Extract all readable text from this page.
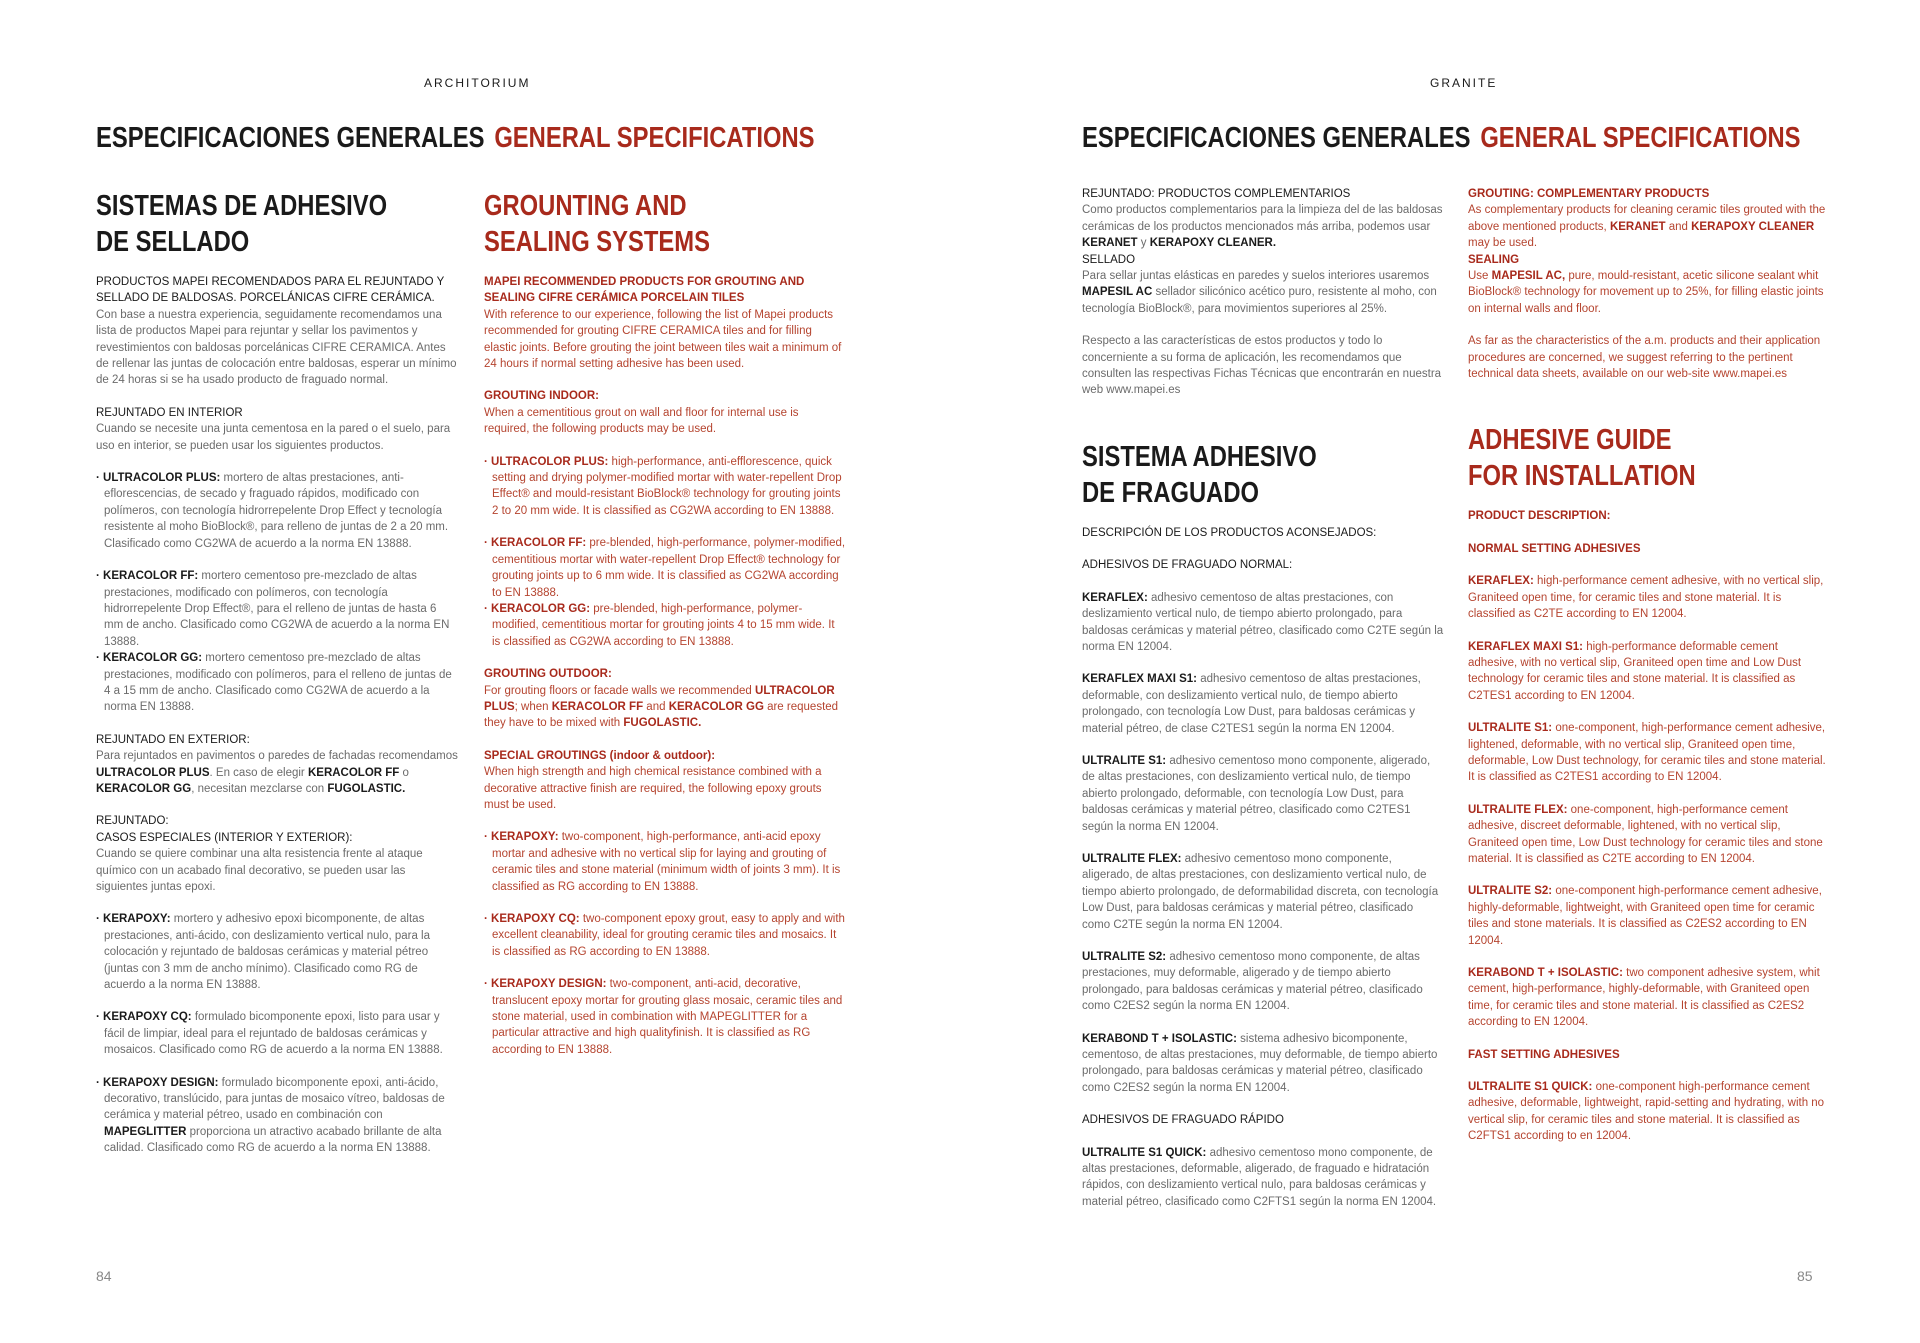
ARCHITORIUM
ESPECIFICACIONES GENERALES GENERAL SPECIFICATIONS
SISTEMAS DE ADHESIVO
DE SELLADO

PRODUCTOS MAPEI RECOMENDADOS PARA EL REJUNTADO Y SELLADO DE BALDOSAS. PORCELÁNICAS CIFRE CERÁMICA.

Con base a nuestra experiencia, seguidamente recomendamos una lista de productos Mapei para rejuntar y sellar los pavimentos y revestimientos con baldosas porcelánicas CIFRE CERAMICA. Antes de rellenar las juntas de colocación entre baldosas, esperar un mínimo de 24 horas si se ha usado producto de fraguado normal.

REJUNTADO EN INTERIOR

Cuando se necesite una junta cementosa en la pared o el suelo, para uso en interior, se pueden usar los siguientes productos.

· ULTRACOLOR PLUS: mortero de altas prestaciones, anti-eflorescencias, de secado y fraguado rápidos, modificado con polímeros, con tecnología hidrorrepelente Drop Effect y tecnología resistente al moho BioBlock®, para relleno de juntas de 2 a 20 mm. Clasificado como CG2WA de acuerdo a la norma EN 13888.

· KERACOLOR FF: mortero cementoso pre-mezclado de altas prestaciones, modificado con polímeros, con tecnología hidrorrepelente Drop Effect®, para el relleno de juntas de hasta 6 mm de ancho. Clasificado como CG2WA de acuerdo a la norma EN 13888.

· KERACOLOR GG: mortero cementoso pre-mezclado de altas prestaciones, modificado con polímeros, para el relleno de juntas de 4 a 15 mm de ancho. Clasificado como CG2WA de acuerdo a la norma EN 13888.

REJUNTADO EN EXTERIOR:

Para rejuntados en pavimentos o paredes de fachadas recomendamos ULTRACOLOR PLUS. En caso de elegir KERACOLOR FF o KERACOLOR GG, necesitan mezclarse con FUGOLASTIC.

REJUNTADO:

CASOS ESPECIALES (INTERIOR Y EXTERIOR):

Cuando se quiere combinar una alta resistencia frente al ataque químico con un acabado final decorativo, se pueden usar las siguientes juntas epoxi.

· KERAPOXY: mortero y adhesivo epoxi bicomponente, de altas prestaciones, anti-ácido, con deslizamiento vertical nulo, para la colocación y rejuntado de baldosas cerámicas y material pétreo (juntas con 3 mm de ancho mínimo). Clasificado como RG de acuerdo a la norma EN 13888.

· KERAPOXY CQ: formulado bicomponente epoxi, listo para usar y fácil de limpiar, ideal para el rejuntado de baldosas cerámicas y mosaicos. Clasificado como RG de acuerdo a la norma EN 13888.

· KERAPOXY DESIGN: formulado bicomponente epoxi, anti-ácido, decorativo, translúcido, para juntas de mosaico vítreo, baldosas de cerámica y material pétreo, usado en combinación con MAPEGLITTER proporciona un atractivo acabado brillante de alta calidad. Clasificado como RG de acuerdo a la norma EN 13888.

GROUNTING AND
SEALING SYSTEMS

MAPEI RECOMMENDED PRODUCTS FOR GROUTING AND SEALING CIFRE CERÁMICA PORCELAIN TILES

With reference to our experience, following the list of Mapei products recommended for grouting CIFRE CERAMICA tiles and for filling elastic joints. Before grouting the joint between tiles wait a minimum of 24 hours if normal setting adhesive has been used.

GROUTING INDOOR:

When a cementitious grout on wall and floor for internal use is required, the following products may be used.

· ULTRACOLOR PLUS: high-performance, anti-efflorescence, quick setting and drying polymer-modified mortar with water-repellent Drop Effect® and mould-resistant BioBlock® technology for grouting joints 2 to 20 mm wide. It is classified as CG2WA according to EN 13888.

· KERACOLOR FF: pre-blended, high-performance, polymer-modified, cementitious mortar with water-repellent Drop Effect® technology for grouting joints up to 6 mm wide. It is classified as CG2WA according to EN 13888.

· KERACOLOR GG: pre-blended, high-performance, polymer-modified, cementitious mortar for grouting joints 4 to 15 mm wide. It is classified as CG2WA according to EN 13888.

GROUTING OUTDOOR:

For grouting floors or facade walls we recommended ULTRACOLOR PLUS; when KERACOLOR FF and KERACOLOR GG are requested they have to be mixed with FUGOLASTIC.

SPECIAL GROUTINGS (indoor & outdoor):

When high strength and high chemical resistance combined with a decorative attractive finish are required, the following epoxy grouts must be used.

· KERAPOXY: two-component, high-performance, anti-acid epoxy mortar and adhesive with no vertical slip for laying and grouting of ceramic tiles and stone material (minimum width of joints 3 mm). It is classified as RG according to EN 13888.

· KERAPOXY CQ: two-component epoxy grout, easy to apply and with excellent cleanability, ideal for grouting ceramic tiles and mosaics. It is classified as RG according to EN 13888.

· KERAPOXY DESIGN: two-component, anti-acid, decorative, translucent epoxy mortar for grouting glass mosaic, ceramic tiles and stone material, used in combination with MAPEGLITTER for a particular attractive and high qualityfinish. It is classified as RG according to EN 13888.

84
GRANITE
ESPECIFICACIONES GENERALES GENERAL SPECIFICATIONS

REJUNTADO: PRODUCTOS COMPLEMENTARIOS

Como productos complementarios para la limpieza del de las baldosas cerámicas de los productos mencionados más arriba, podemos usar KERANET y KERAPOXY CLEANER.

SELLADO

Para sellar juntas elásticas en paredes y suelos interiores usaremos MAPESIL AC sellador silicónico acético puro, resistente al moho, con tecnología BioBlock®, para movimientos superiores al 25%.

Respecto a las características de estos productos y todo lo concerniente a su forma de aplicación, les recomendamos que consulten las respectivas Fichas Técnicas que encontrarán en nuestra web www.mapei.es

SISTEMA ADHESIVO
DE FRAGUADO

DESCRIPCIÓN DE LOS PRODUCTOS ACONSEJADOS:

ADHESIVOS DE FRAGUADO NORMAL:

KERAFLEX: adhesivo cementoso de altas prestaciones, con deslizamiento vertical nulo, de tiempo abierto prolongado, para baldosas cerámicas y material pétreo, clasificado como C2TE según la norma EN 12004.

KERAFLEX MAXI S1: adhesivo cementoso de altas prestaciones, deformable, con deslizamiento vertical nulo, de tiempo abierto prolongado, con tecnología Low Dust, para baldosas cerámicas y material pétreo, de clase C2TES1 según la norma EN 12004.

ULTRALITE S1: adhesivo cementoso mono componente, aligerado, de altas prestaciones, con deslizamiento vertical nulo, de tiempo abierto prolongado, deformable, con tecnología Low Dust, para baldosas cerámicas y material pétreo, clasificado como C2TES1 según la norma EN 12004.

ULTRALITE FLEX: adhesivo cementoso mono componente, aligerado, de altas prestaciones, con deslizamiento vertical nulo, de tiempo abierto prolongado, de deformabilidad discreta, con tecnología Low Dust, para baldosas cerámicas y material pétreo, clasificado como C2TE según la norma EN 12004.

ULTRALITE S2: adhesivo cementoso mono componente, de altas prestaciones, muy deformable, aligerado y de tiempo abierto prolongado, para baldosas cerámicas y material pétreo, clasificado como C2ES2 según la norma EN 12004.

KERABOND T + ISOLASTIC: sistema adhesivo bicomponente, cementoso, de altas prestaciones, muy deformable, de tiempo abierto prolongado, para baldosas cerámicas y material pétreo, clasificado como C2ES2 según la norma EN 12004.

ADHESIVOS DE FRAGUADO RÁPIDO

ULTRALITE S1 QUICK: adhesivo cementoso mono componente, de altas prestaciones, deformable, aligerado, de fraguado e hidratación rápidos, con deslizamiento vertical nulo, para baldosas cerámicas y material pétreo, clasificado como C2FTS1 según la norma EN 12004.

GROUTING: COMPLEMENTARY PRODUCTS

As complementary products for cleaning ceramic tiles grouted with the above mentioned products, KERANET and KERAPOXY CLEANER may be used.

SEALING

Use MAPESIL AC, pure, mould-resistant, acetic silicone sealant whit BioBlock® technology for movement up to 25%, for filling elastic joints on internal walls and floor.

As far as the characteristics of the a.m. products and their application procedures are concerned, we suggest referring to the pertinent technical data sheets, available on our web-site www.mapei.es

ADHESIVE GUIDE
FOR INSTALLATION

PRODUCT DESCRIPTION:

NORMAL SETTING ADHESIVES

KERAFLEX: high-performance cement adhesive, with no vertical slip, Graniteed open time, for ceramic tiles and stone material. It is classified as C2TE according to EN 12004.

KERAFLEX MAXI S1: high-performance deformable cement adhesive, with no vertical slip, Graniteed open time and Low Dust technology for ceramic tiles and stone material. It is classified as C2TES1 according to EN 12004.

ULTRALITE S1: one-component, high-performance cement adhesive, lightened, deformable, with no vertical slip, Graniteed open time, deformable, Low Dust technology, for ceramic tiles and stone material. It is classified as C2TES1 according to EN 12004.

ULTRALITE FLEX: one-component, high-performance cement adhesive, discreet deformable, lightened, with no vertical slip, Graniteed open time, Low Dust technology for ceramic tiles and stone material. It is classified as C2TE according to EN 12004.

ULTRALITE S2: one-component high-performance cement adhesive, highly-deformable, lightweight, with Graniteed open time for ceramic tiles and stone materials. It is classified as C2ES2 according to EN 12004.

KERABOND T + ISOLASTIC: two component adhesive system, whit cement, high-performance, highly-deformable, with Graniteed open time, for ceramic tiles and stone material. It is classified as C2ES2 according to EN 12004.

FAST SETTING ADHESIVES

ULTRALITE S1 QUICK: one-component high-performance cement adhesive, deformable, lightweight, rapid-setting and hydrating, with no vertical slip, for ceramic tiles and stone material. It is classified as C2FTS1 according to en 12004.

85
